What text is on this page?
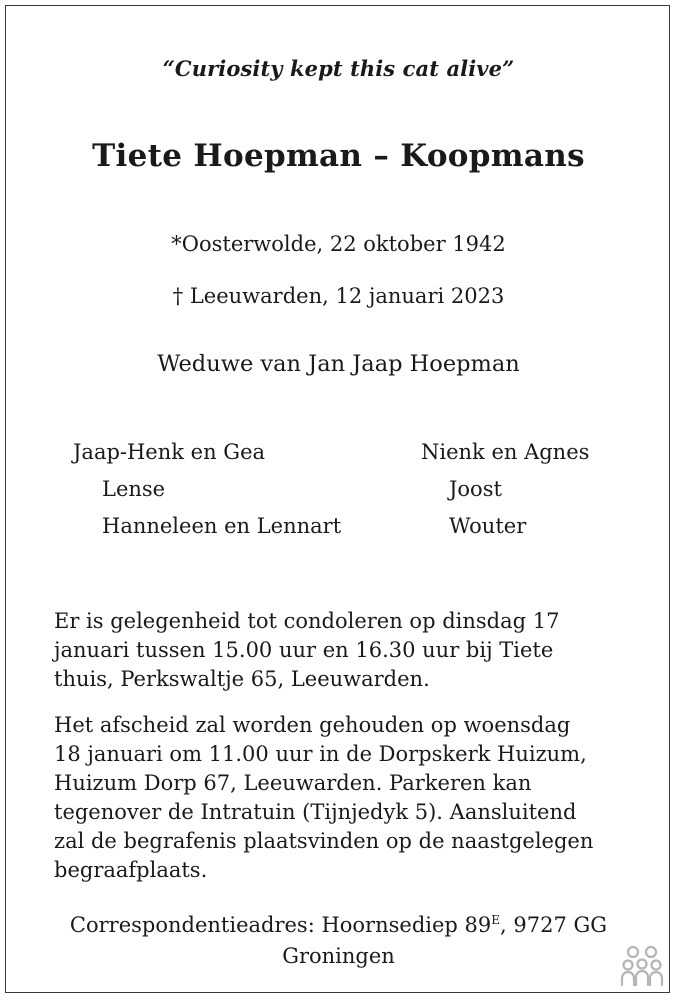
“Curiosity kept this cat alive”
Tiete Hoepman – Koopmans
*Oosterwolde, 22 oktober 1942
† Leeuwarden, 12 januari 2023
Weduwe van Jan Jaap Hoepman
Jaap-Henk en Gea
Lense
Hanneleen en Lennart
Nienk en Agnes
Joost
Wouter
Er is gelegenheid tot condoleren op dinsdag 17
januari tussen 15.00 uur en 16.30 uur bij Tiete
thuis, Perkswaltje 65, Leeuwarden.
Het afscheid zal worden gehouden op woensdag
18 januari om 11.00 uur in de Dorpskerk Huizum,
Huizum Dorp 67, Leeuwarden. Parkeren kan
tegenover de Intratuin (Tijnjedyk 5). Aansluitend
zal de begrafenis plaatsvinden op de naastgelegen
begraafplaats.
Correspondentieadres: Hoornsediep $89^E$, 9727 GG
Groningen
